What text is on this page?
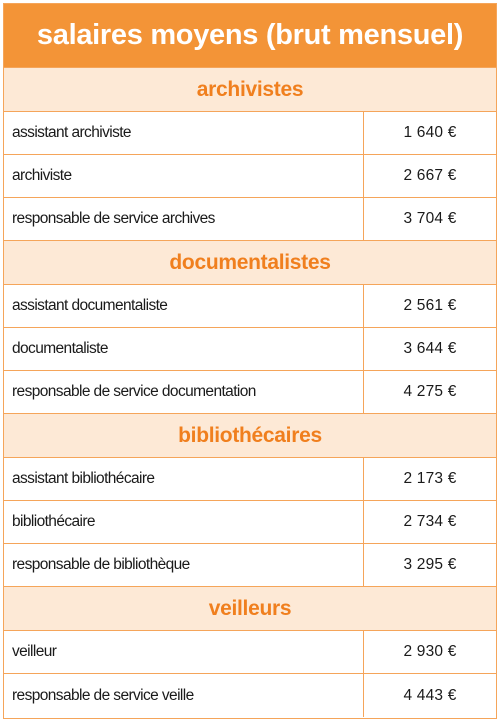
salaires moyens (brut mensuel)
archivistes
assistant archiviste	1 640 €
archiviste	2 667 €
responsable de service archives	3 704 €
documentalistes
assistant documentaliste	2 561 €
documentaliste	3 644 €
responsable de service documentation	4 275 €
bibliothécaires
assistant bibliothécaire	2 173 €
bibliothécaire	2 734 €
responsable de bibliothèque	3 295 €
veilleurs
veilleur	2 930 €
responsable de service veille	4 443 €
